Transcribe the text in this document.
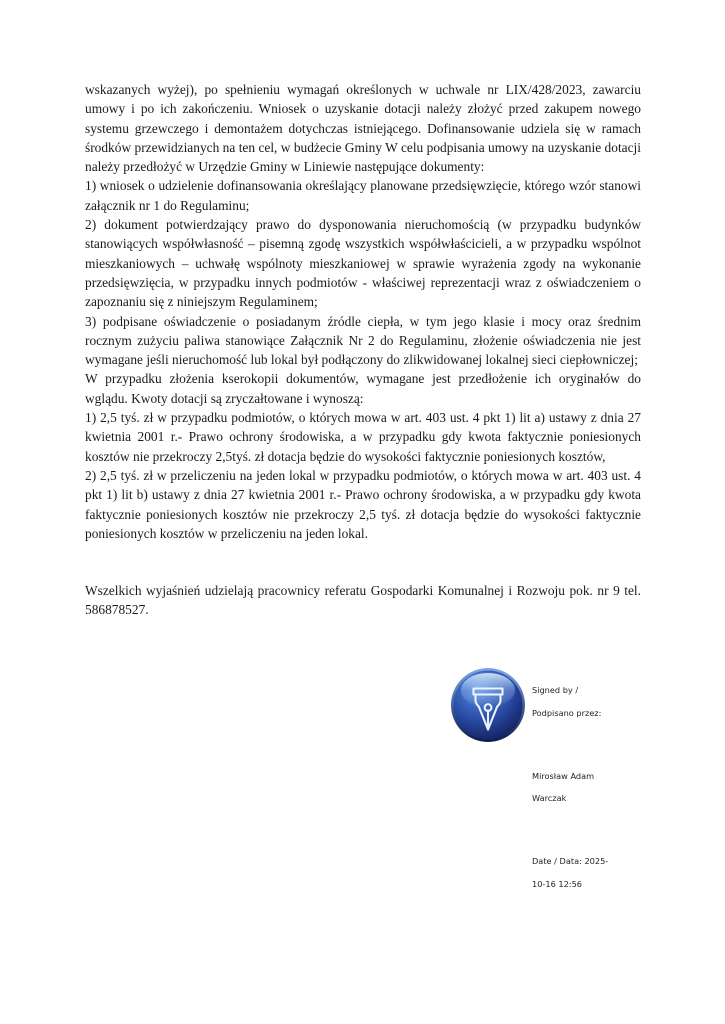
wskazanych wyżej), po spełnieniu wymagań określonych w uchwale nr LIX/428/2023, zawarciu umowy i po ich zakończeniu. Wniosek o uzyskanie dotacji należy złożyć przed zakupem nowego systemu grzewczego i demontażem dotychczas istniejącego. Dofinansowanie udziela się w ramach środków przewidzianych na ten cel, w budżecie Gminy W celu podpisania umowy na uzyskanie dotacji należy przedłożyć w Urzędzie Gminy w Liniewie następujące dokumenty:

1) wniosek o udzielenie dofinansowania określający planowane przedsięwzięcie, którego wzór stanowi załącznik nr 1 do Regulaminu;

2) dokument potwierdzający prawo do dysponowania nieruchomością (w przypadku budynków stanowiących współwłasność – pisemną zgodę wszystkich współwłaścicieli, a w przypadku wspólnot mieszkaniowych – uchwałę wspólnoty mieszkaniowej w sprawie wyrażenia zgody na wykonanie przedsięwzięcia, w przypadku innych podmiotów - właściwej reprezentacji wraz z oświadczeniem o zapoznaniu się z niniejszym Regulaminem;

3) podpisane oświadczenie o posiadanym źródle ciepła, w tym jego klasie i mocy oraz średnim rocznym zużyciu paliwa stanowiące Załącznik Nr 2 do Regulaminu, złożenie oświadczenia nie jest wymagane jeśli nieruchomość lub lokal był podłączony do zlikwidowanej lokalnej sieci ciepłowniczej;

W przypadku złożenia kserokopii dokumentów, wymagane jest przedłożenie ich oryginałów do wglądu. Kwoty dotacji są zryczałtowane i wynoszą:

1) 2,5 tyś. zł w przypadku podmiotów, o których mowa w art. 403 ust. 4 pkt 1) lit a) ustawy z dnia 27 kwietnia 2001 r.- Prawo ochrony środowiska, a w przypadku gdy kwota faktycznie poniesionych kosztów nie przekroczy 2,5tyś. zł dotacja będzie do wysokości faktycznie poniesionych kosztów,

2) 2,5 tyś. zł w przeliczeniu na jeden lokal w przypadku podmiotów, o których mowa w art. 403 ust. 4 pkt 1) lit b) ustawy z dnia 27 kwietnia 2001 r.- Prawo ochrony środowiska, a w przypadku gdy kwota faktycznie poniesionych kosztów nie przekroczy 2,5 tyś. zł dotacja będzie do wysokości faktycznie poniesionych kosztów w przeliczeniu na jeden lokal.

Wszelkich wyjaśnień udzielają pracownicy referatu Gospodarki Komunalnej i Rozwoju pok. nr 9 tel. 586878527.

Signed by /

Podpisano przez:

Mirosław Adam

Warczak

Date / Data: 2025-

10-16 12:56
